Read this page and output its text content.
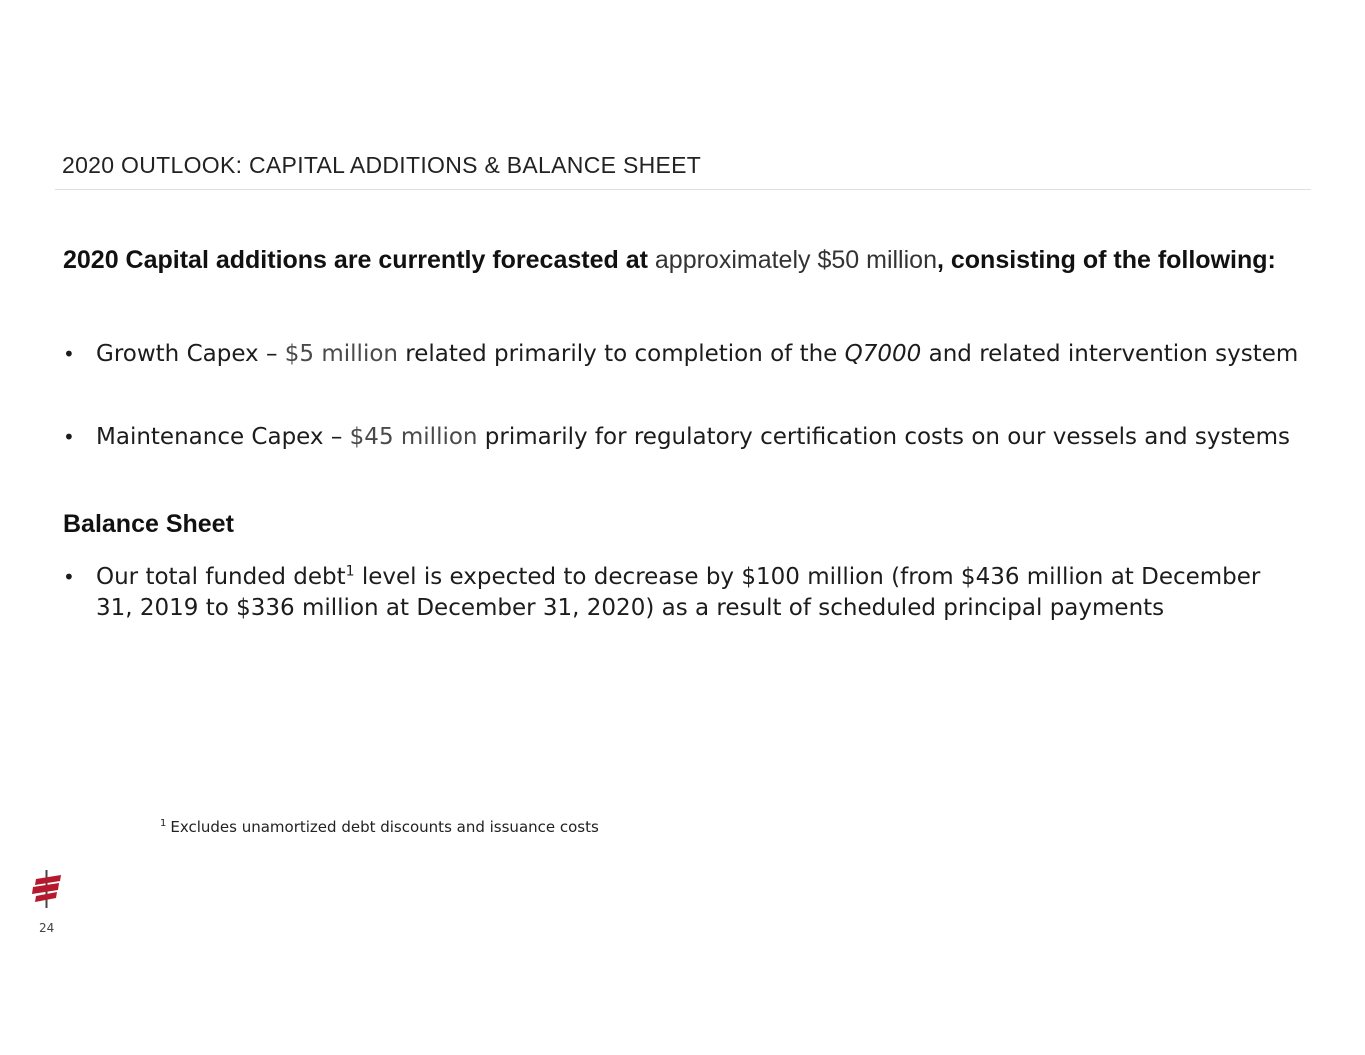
2020 OUTLOOK: CAPITAL ADDITIONS & BALANCE SHEET
2020 Capital additions are currently forecasted at approximately $50 million, consisting of the following:
• Growth Capex – $5 million related primarily to completion of the Q7000 and related intervention system
• Maintenance Capex – $45 million primarily for regulatory certification costs on our vessels and systems
Balance Sheet
• Our total funded debt$^1$ level is expected to decrease by $100 million (from $436 million at December 31, 2019 to $336 million at December 31, 2020) as a result of scheduled principal payments
$^1$ Excludes unamortized debt discounts and issuance costs
24
